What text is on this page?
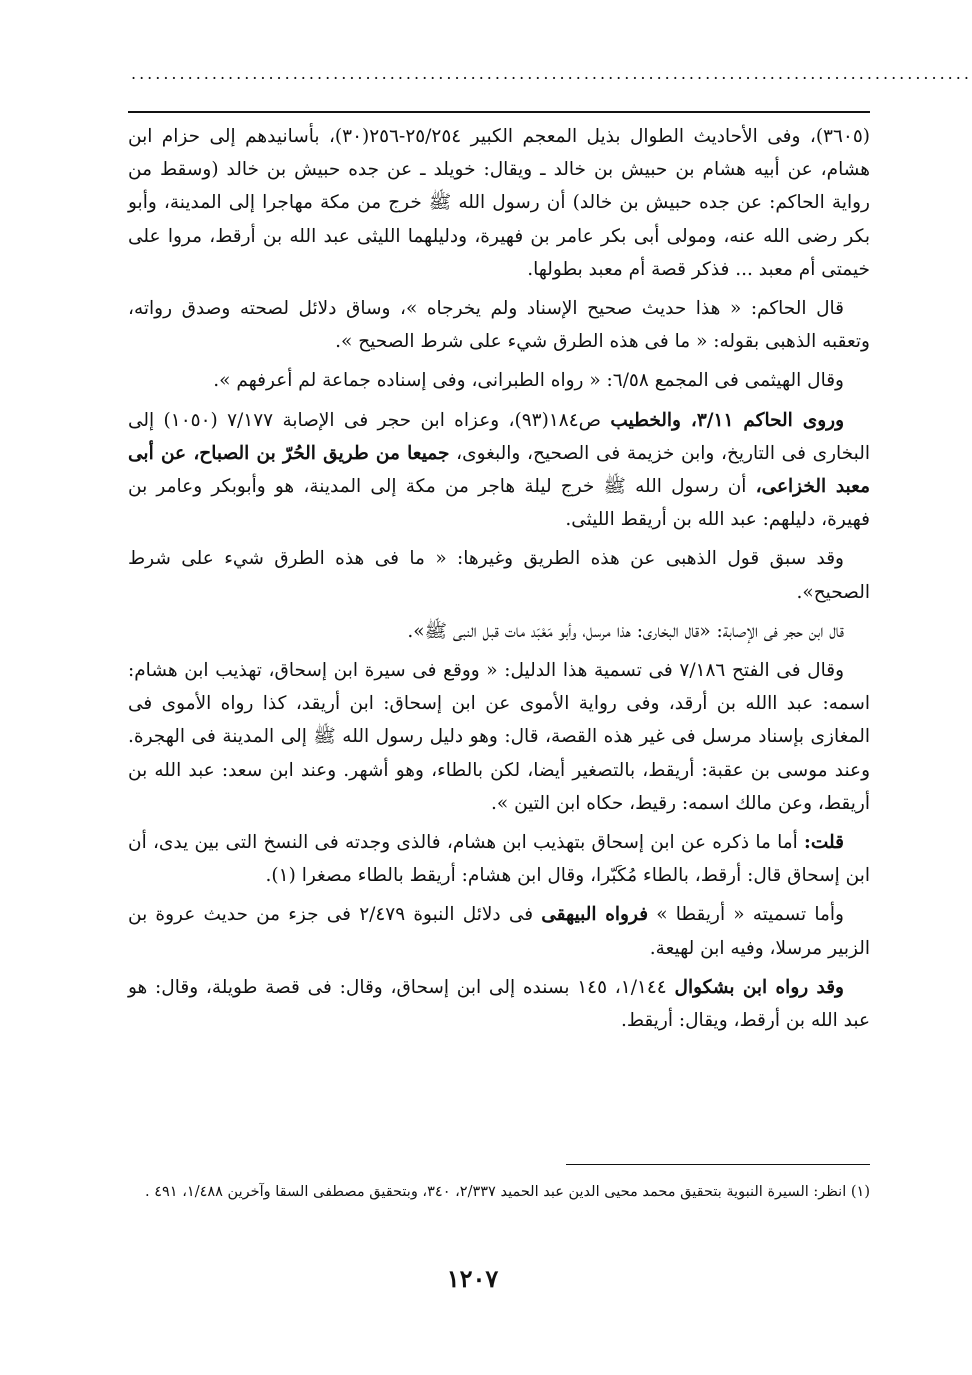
........................................................................................................

(٣٦٠٥)، وفى الأحاديث الطوال بذيل المعجم الكبير ٢٥/٢٥٤-٢٥٦(٣٠)، بأسانيدهم إلى حزام ابن هشام، عن أبيه هشام بن حبيش بن خالد ـ ويقال: خويلد ـ عن جده حبيش بن خالد (وسقط من رواية الحاكم: عن جده حبيش بن خالد) أن رسول الله ﷺ خرج من مكة مهاجرا إلى المدينة، وأبو بكر رضى الله عنه، ومولى أبى بكر عامر بن فهيرة، ودليلهما الليثى عبد الله بن أرقط، مروا على خيمتى أم معبد ... فذكر قصة أم معبد بطولها.

قال الحاكم: « هذا حديث صحيح الإسناد ولم يخرجاه »، وساق دلائل لصحته وصدق رواته، وتعقبه الذهبى بقوله: « ما فى هذه الطرق شيء على شرط الصحيح ».

وقال الهيثمى فى المجمع ٦/٥٨: « رواه الطبرانى، وفى إسناده جماعة لم أعرفهم ».

وروى الحاكم ٣/١١، والخطيب ص١٨٤(٩٣)، وعزاه ابن حجر فى الإصابة ٧/١٧٧ (١٠٥٠) إلى البخارى فى التاريخ، وابن خزيمة فى الصحيح، والبغوى، جميعا من طريق الحُرّ بن الصباح، عن أبى معبد الخزاعى، أن رسول الله ﷺ خرج ليلة هاجر من مكة إلى المدينة، هو وأبوبكر وعامر بن فهيرة، دليلهم: عبد الله بن أريقط الليثى.

وقد سبق قول الذهبى عن هذه الطريق وغيرها: « ما فى هذه الطرق شيء على شرط الصحيح».

قال ابن حجر فى الإصابة: «قال البخارى: هذا مرسل، وأبو مَعْبَد مات قبل النبى ﷺ».

وقال فى الفتح ٧/١٨٦ فى تسمية هذا الدليل: « ووقع فى سيرة ابن إسحاق، تهذيب ابن هشام: اسمه: عبد االله بن أرقد، وفى رواية الأموى عن ابن إسحاق: ابن أريقد، كذا رواه الأموى فى المغازى بإسناد مرسل فى غير هذه القصة، قال: وهو دليل رسول الله ﷺ إلى المدينة فى الهجرة. وعند موسى بن عقبة: أريقط، بالتصغير أيضا، لكن بالطاء، وهو أشهر. وعند ابن سعد: عبد الله بن أريقط، وعن مالك اسمه: رقيط، حكاه ابن التين ».

قلت: أما ما ذكره عن ابن إسحاق بتهذيب ابن هشام، فالذى وجدته فى النسخ التى بين يدى، أن ابن إسحاق قال: أرقط، بالطاء مُكَبّرا، وقال ابن هشام: أريقط بالطاء مصغرا (١).

وأما تسميته « أريقطا » فرواه البيهقى فى دلائل النبوة ٢/٤٧٩ فى جزء من حديث عروة بن الزبير مرسلا، وفيه ابن لهيعة.

وقد رواه ابن بشكوال ١/١٤٤، ١٤٥ بسنده إلى ابن إسحاق، وقال: فى قصة طويلة، وقال: هو عبد الله بن أرقط، ويقال: أريقط.

(١) انظر: السيرة النبوية بتحقيق محمد محيى الدين عبد الحميد ٢/٣٣٧، ٣٤٠، وبتحقيق مصطفى السقا وآخرين ١/٤٨٨، ٤٩١ .

١٢٠٧
